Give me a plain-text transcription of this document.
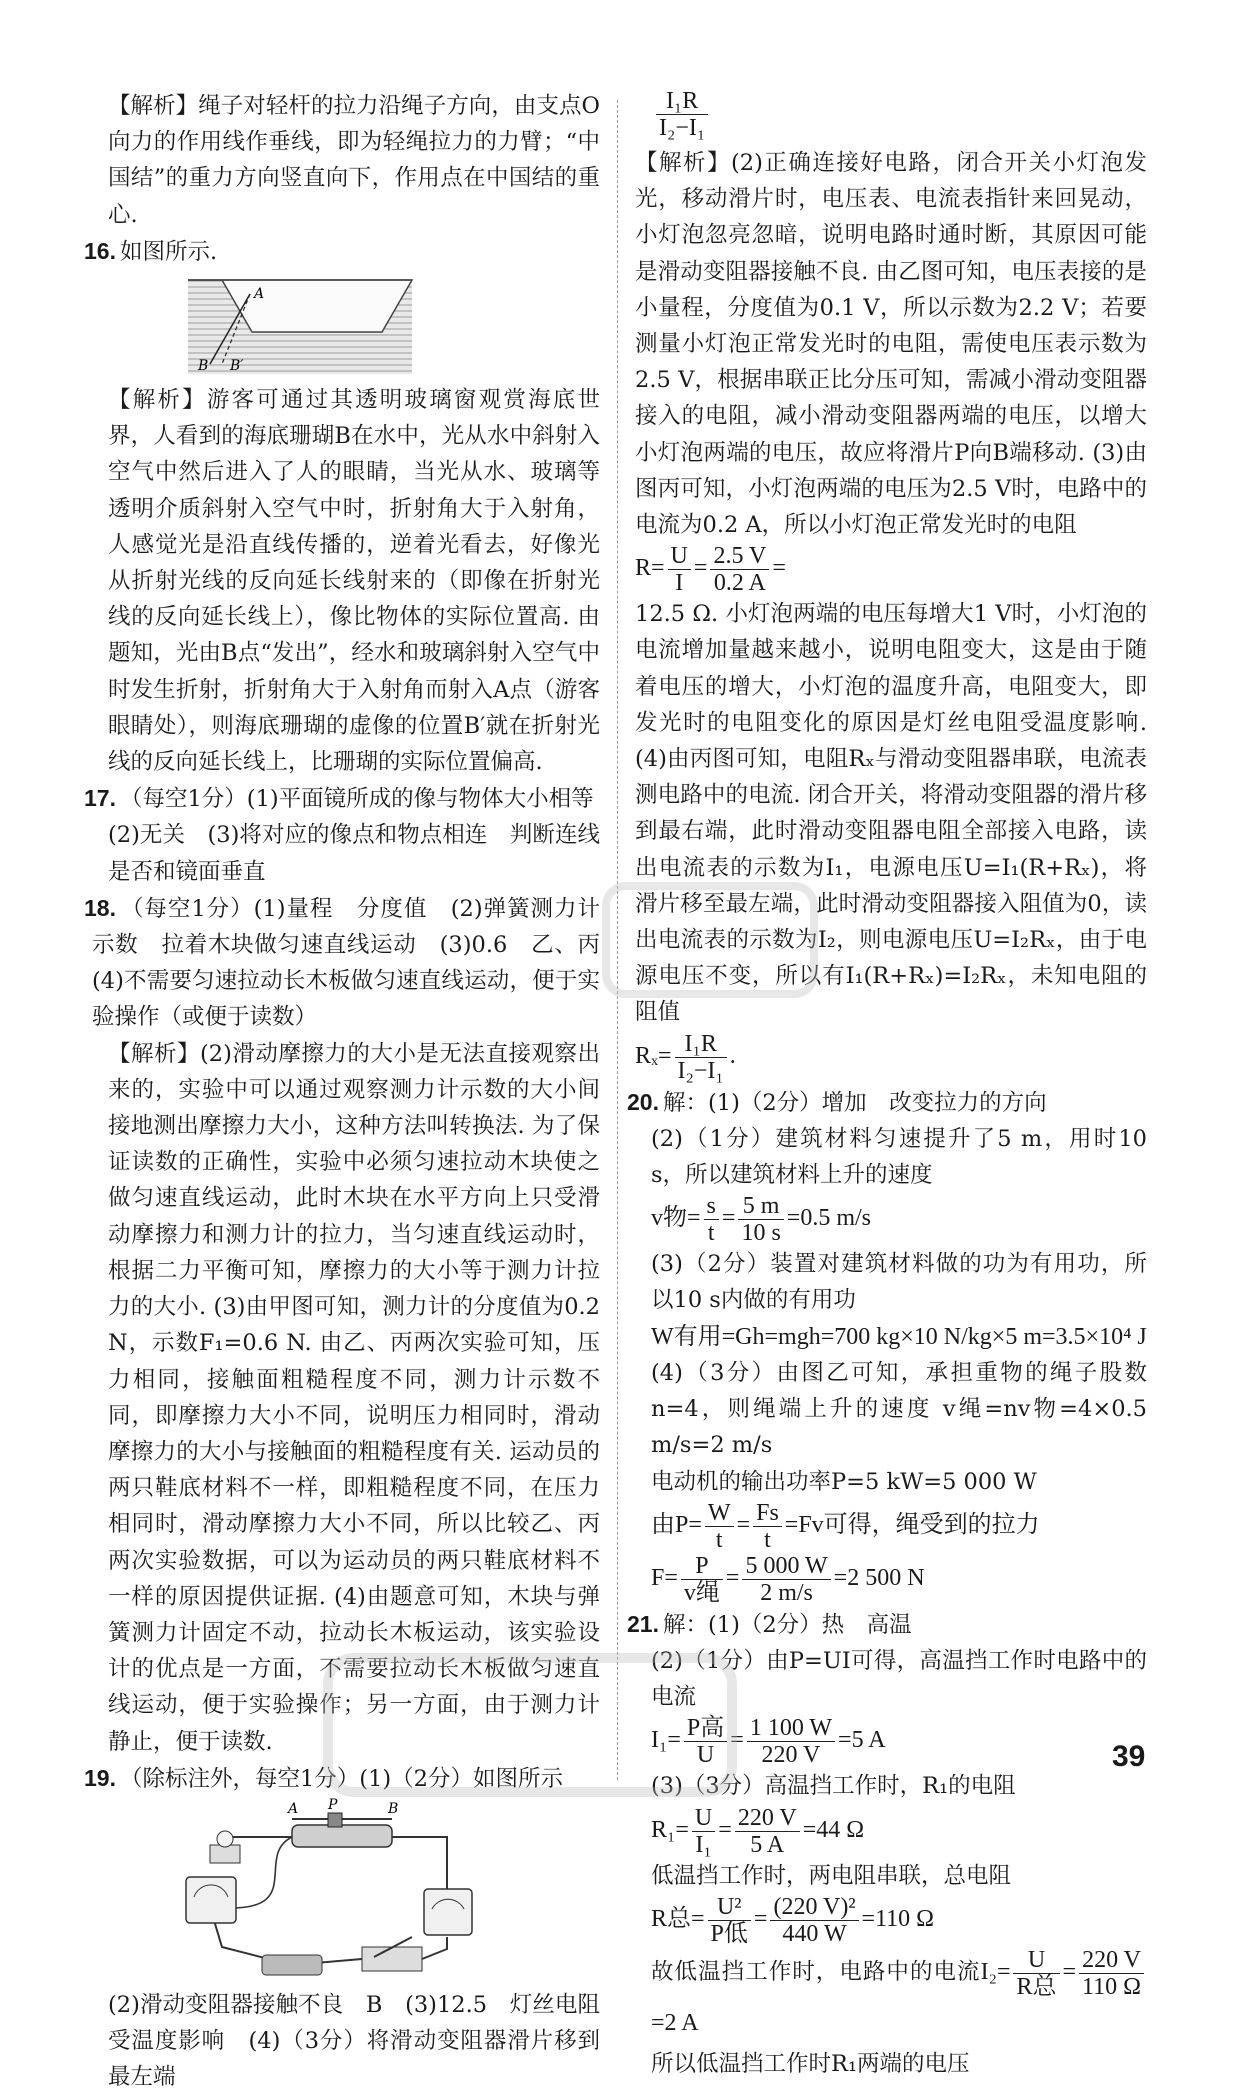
【解析】绳子对轻杆的拉力沿绳子方向，由支点O向力的作用线作垂线，即为轻绳拉力的力臂；“中国结”的重力方向竖直向下，作用点在中国结的重心.

16. 如图所示.

A
B B′

【解析】游客可通过其透明玻璃窗观赏海底世界，人看到的海底珊瑚B在水中，光从水中斜射入空气中然后进入了人的眼睛，当光从水、玻璃等透明介质斜射入空气中时，折射角大于入射角，人感觉光是沿直线传播的，逆着光看去，好像光从折射光线的反向延长线射来的（即像在折射光线的反向延长线上），像比物体的实际位置高. 由题知，光由B点“发出”，经水和玻璃斜射入空气中时发生折射，折射角大于入射角而射入A点（游客眼睛处），则海底珊瑚的虚像的位置B′就在折射光线的反向延长线上，比珊瑚的实际位置偏高.

17. （每空1分）(1)平面镜所成的像与物体大小相等

(2)无关　(3)将对应的像点和物点相连　判断连线是否和镜面垂直

18. （每空1分）(1)量程　分度值　(2)弹簧测力计示数　拉着木块做匀速直线运动　(3)0.6　乙、丙　(4)不需要匀速拉动长木板做匀速直线运动，便于实验操作（或便于读数）

【解析】(2)滑动摩擦力的大小是无法直接观察出来的，实验中可以通过观察测力计示数的大小间接地测出摩擦力大小，这种方法叫转换法. 为了保证读数的正确性，实验中必须匀速拉动木块使之做匀速直线运动，此时木块在水平方向上只受滑动摩擦力和测力计的拉力，当匀速直线运动时，根据二力平衡可知，摩擦力的大小等于测力计拉力的大小. (3)由甲图可知，测力计的分度值为0.2 N，示数F₁=0.6 N. 由乙、丙两次实验可知，压力相同，接触面粗糙程度不同，测力计示数不同，即摩擦力大小不同，说明压力相同时，滑动摩擦力的大小与接触面的粗糙程度有关. 运动员的两只鞋底材料不一样，即粗糙程度不同，在压力相同时，滑动摩擦力大小不同，所以比较乙、丙两次实验数据，可以为运动员的两只鞋底材料不一样的原因提供证据. (4)由题意可知，木块与弹簧测力计固定不动，拉动长木板运动，该实验设计的优点是一方面，不需要拉动长木板做匀速直线运动，便于实验操作；另一方面，由于测力计静止，便于读数.

19. （除标注外，每空1分）(1)（2分）如图所示

A P	B

(2)滑动变阻器接触不良　B　(3)12.5　灯丝电阻受温度影响　(4)（3分）将滑动变阻器滑片移到最左端

$\frac{\text{I₁R}}{\text{I₂−I₁}}$

【解析】(2)正确连接好电路，闭合开关小灯泡发光，移动滑片时，电压表、电流表指针来回晃动，小灯泡忽亮忽暗，说明电路时通时断，其原因可能是滑动变阻器接触不良. 由乙图可知，电压表接的是小量程，分度值为0.1 V，所以示数为2.2 V；若要测量小灯泡正常发光时的电阻，需使电压表示数为2.5 V，根据串联正比分压可知，需减小滑动变阻器接入的电阻，减小滑动变阻器两端的电压，以增大小灯泡两端的电压，故应将滑片P向B端移动. (3)由图丙可知，小灯泡两端的电压为2.5 V时，电路中的电流为0.2 A，所以小灯泡正常发光时的电阻

$R= \frac{U}{I} = \frac{2.5 V}{0.2 A}$ =

12.5 Ω. 小灯泡两端的电压每增大1 V时，小灯泡的电流增加量越来越小，说明电阻变大，这是由于随着电压的增大，小灯泡的温度升高，电阻变大，即发光时的电阻变化的原因是灯丝电阻受温度影响. (4)由丙图可知，电阻Rₓ与滑动变阻器串联，电流表测电路中的电流. 闭合开关，将滑动变阻器的滑片移到最右端，此时滑动变阻器电阻全部接入电路，读出电流表的示数为I₁，电源电压U=I₁(R+Rₓ)，将滑片移至最左端，此时滑动变阻器接入阻值为0，读出电流表的示数为I₂，则电源电压U=I₂Rₓ，由于电源电压不变，所以有I₁(R+Rₓ)=I₂Rₓ，未知电阻的阻值

$R_x= \frac{\text{I₁R}}{\text{I₂−I₁}}$ .

20. 解：(1)（2分）增加　改变拉力的方向

(2)（1分）建筑材料匀速提升了5 m，用时10 s，所以建筑材料上升的速度

v物= $\frac{s}{t} = \frac{5 m}{10 s} =0.5$ m/s

(3)（2分）装置对建筑材料做的功为有用功，所以10 s内做的有用功

W有用=Gh=mgh=700 kg×10 N/kg×5 m=3.5×10⁴ J

(4)（3分）由图乙可知，承担重物的绳子股数n=4，则绳端上升的速度 v绳=nv物=4×0.5 m/s=2 m/s

电动机的输出功率P=5 kW=5 000 W

由$P= \frac{W}{t} = \frac{Fs}{t} =Fv$可得，绳受到的拉力

$F= \frac{P}{\text{v绳}} = \frac{5 000 W}{2 m/s} =2$ 500 N

21. 解：(1)（2分）热　高温

(2)（1分）由P=UI可得，高温挡工作时电路中的电流

$I_1= \frac{\text{P高}}{U} = \frac{1 100 W}{220 V} =5$ A

(3)（3分）高温挡工作时，R₁的电阻

$R_1= \frac{U}{\text{I₁}} = \frac{220 V}{5 A} =44$ Ω

低温挡工作时，两电阻串联，总电阻

R总= $\frac{\text{U²}}{\text{P低}} = \frac{\text{(220 V)²}}{440 W} =110$ Ω

故低温挡工作时，电路中的电流$I_2= \frac{U}{\text{R总}} = \frac{220 V}{110 \Omega}$
=2 A

所以低温挡工作时R₁两端的电压

39
